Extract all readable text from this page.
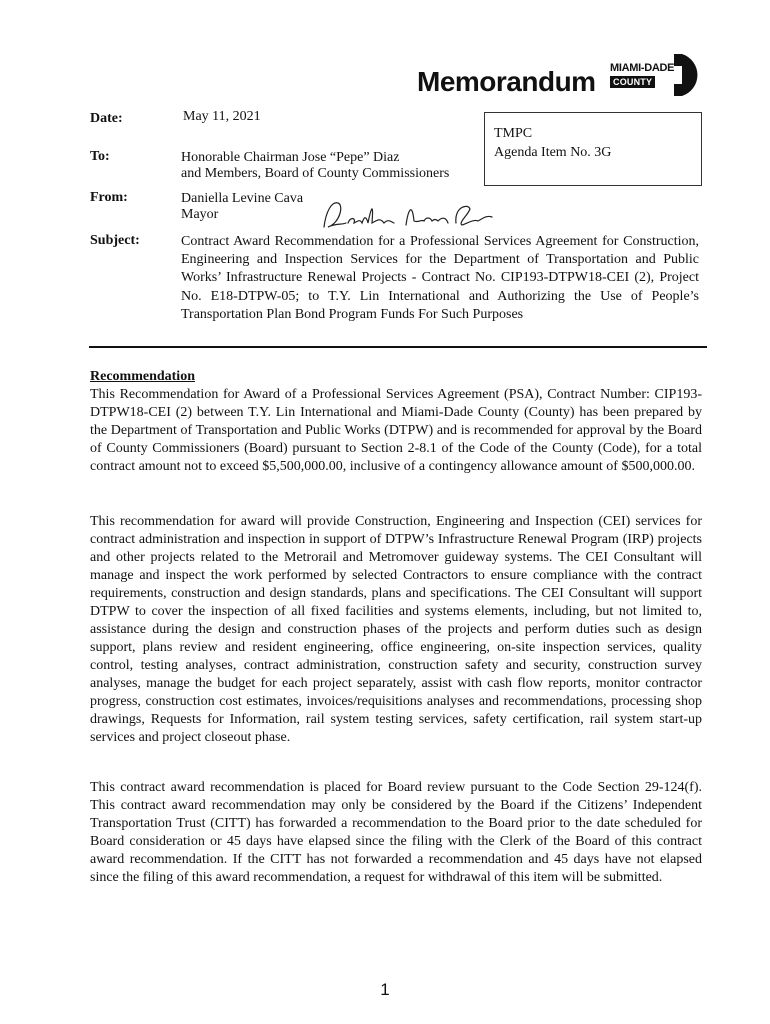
Memorandum MIAMI-DADE
COUNTY
Date:	May 11, 2021
To:	Honorable Chairman Jose “Pepe” Diaz
and Members, Board of County Commissioners
From:	Daniella Levine Cava
Mayor
TMPC
Agenda Item No. 3G
Subject:	Contract Award Recommendation for a Professional Services Agreement for Construction, Engineering and Inspection Services for the Department of Transportation and Public Works’ Infrastructure Renewal Projects - Contract No. CIP193-DTPW18-CEI (2), Project No. E18-DTPW-05; to T.Y. Lin International and Authorizing the Use of People’s Transportation Plan Bond Program Funds For Such Purposes
Recommendation
This Recommendation for Award of a Professional Services Agreement (PSA), Contract Number: CIP193-DTPW18-CEI (2) between T.Y. Lin International and Miami-Dade County (County) has been prepared by the Department of Transportation and Public Works (DTPW) and is recommended for approval by the Board of County Commissioners (Board) pursuant to Section 2-8.1 of the Code of the County (Code), for a total contract amount not to exceed $5,500,000.00, inclusive of a contingency allowance amount of $500,000.00.
This recommendation for award will provide Construction, Engineering and Inspection (CEI) services for contract administration and inspection in support of DTPW’s Infrastructure Renewal Program (IRP) projects and other projects related to the Metrorail and Metromover guideway systems. The CEI Consultant will manage and inspect the work performed by selected Contractors to ensure compliance with the contract requirements, construction and design standards, plans and specifications. The CEI Consultant will support DTPW to cover the inspection of all fixed facilities and systems elements, including, but not limited to, assistance during the design and construction phases of the projects and perform duties such as design support, plans review and resident engineering, office engineering, on-site inspection services, quality control, testing analyses, contract administration, construction safety and security, construction survey analyses, manage the budget for each project separately, assist with cash flow reports, monitor contractor progress, construction cost estimates, invoices/requisitions analyses and recommendations, processing shop drawings, Requests for Information, rail system testing services, safety certification, rail system start-up services and project closeout phase.
This contract award recommendation is placed for Board review pursuant to the Code Section 29-124(f). This contract award recommendation may only be considered by the Board if the Citizens’ Independent Transportation Trust (CITT) has forwarded a recommendation to the Board prior to the date scheduled for Board consideration or 45 days have elapsed since the filing with the Clerk of the Board of this contract award recommendation. If the CITT has not forwarded a recommendation and 45 days have not elapsed since the filing of this award recommendation, a request for withdrawal of this item will be submitted.
1
